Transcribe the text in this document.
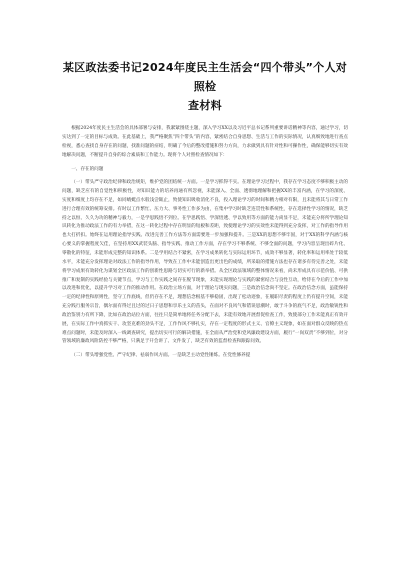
某区政法委书记2024年度民主生活会“四个带头”个人对照检
查材料

根据2024年度民主生活会的具体部署与安排，我紧紧围绕主题，深入学习XX以及习近平总书记系列重要讲话精神等内容，通过学习，切实达到了一定的目标与成效。在此基础上，我严格聚焦“四个带头”的内容，紧密结合自身思想、生活与工作的实际情况，认真细致地进行查点检视，悉心查找自身存在的问题，找准问题的症结，明确了今后的整改措施和努力方向，力求做到具有针对性和可操作性，确保能够切实有效地解决问题，不断提升自身的综合素质和工作能力。现将个人对照检查情况如下：

一、存在的问题

（一）带头严守政治纪律和政治规矩，维护党的团结统一方面。一是学习抓得不实。在理论学习过程中，我存在学习态度不够积极主动的问题，缺乏应有的自觉性和积极性，对知识能力的培养再通有所忽视，未能深入、全面、透彻地理解和把握XX的丰富内涵，在学习的深度、实度和细度上均存在不足，如同蜻蜓点水般浅尝辄止，致使知识吸收消化不良，投入理论学习的时间和精力相对有限，且未能将其与日常工作进行合理有效的统筹安排。有时以工作繁忙、压力大、事务性工作多为由，在集中学习时缺乏连贯性和系统性，存在选择性学习的情况，缺乏持之以恒、久久为功的精神与毅力，一是学思践悟不到位。在学思践悟、学深悟透、学以致用等方面的能力尚显不足，未能充分将所学理论知识转化为推动政法工作的有力举措，在这一转化过程中存在明显的短板和差距，致使理论学习的实效性未能得到充分发挥，对工作的指导作用也大打折扣。始终在运用理论指导实践、改进完善工作方法等方面需要进一步加强和提升。三是XX的思想不够牢固，对于XX的科学内涵与核心要义的掌握程度欠佳，在坚持用XX武装头脑、指导实践、推动工作方面，存在学习不够系统、不够全面的问题，学习内容呈现出碎片化、零散化的特征，未能形成完整的知识体系。二是学用结合不紧密，在学习成果转化与实际运用环节，成效不够显著，转化率和运用率处于较低水平，未能充分发挥理论对政法工作的指导作用，导致在工作中未能创造出更出色的成绩，所采取的措施方法也存在诸多有待完善之处，未能将学习成果有效转化为谋划全区政法工作的创新性思路与切实可行的新举措。从全区政法领域的整体情况来看，尚未形成具有示范价值、可供推广和复制的实践经验与关键节点，学习与工作实践之间存在脱节现象，未能实现理论与实践的紧密结合与良性互动，给待在今后的工作中加以改进和优化，以提升学习对工作的推动作用。在政治立场方面，对于理论与现实问题，三是政治信念尚不坚定。在政治信念方面，虽能保持一定的纪律性和原则性，坚守工作底线，但仍存在不足，理想信念根基不够稳固，出现了松动迹象，在履职尽责的程度上仍有提升空间，未能充分践行服务宗旨，偶尔面有得过且过的过日子思想和享乐主义的苗头，在面对不良风气和错误思潮时，敢于斗争的底气不足，政治敏锐性和政治鉴别力有所下降，比如在政治站位方面，往往只是简单地将任务分配下去，未能有效地开展督促检查工作，致使部分工作未能真正有效开展，在实际工作中真抓实干、攻坚克难的劲头不足，工作作风不够扎实，存在一定程度的形式主义、官僚主义现象，如在面对群众反映的热点难点问题时，未能及时深入一线调查研究，提出切实可行的解决措施，在全面从严治党和党风廉政建设方面，履行“一岗双责”不够到位，对分管领域的廉政风险防控不够严格，只满足于开会讲了、文件发了，缺乏有效的监督检查和跟踪问效。

（二）带头增强党性、严守纪律、祛弱作风方面。一是缺乏主动党性锤炼。在党性修养提
